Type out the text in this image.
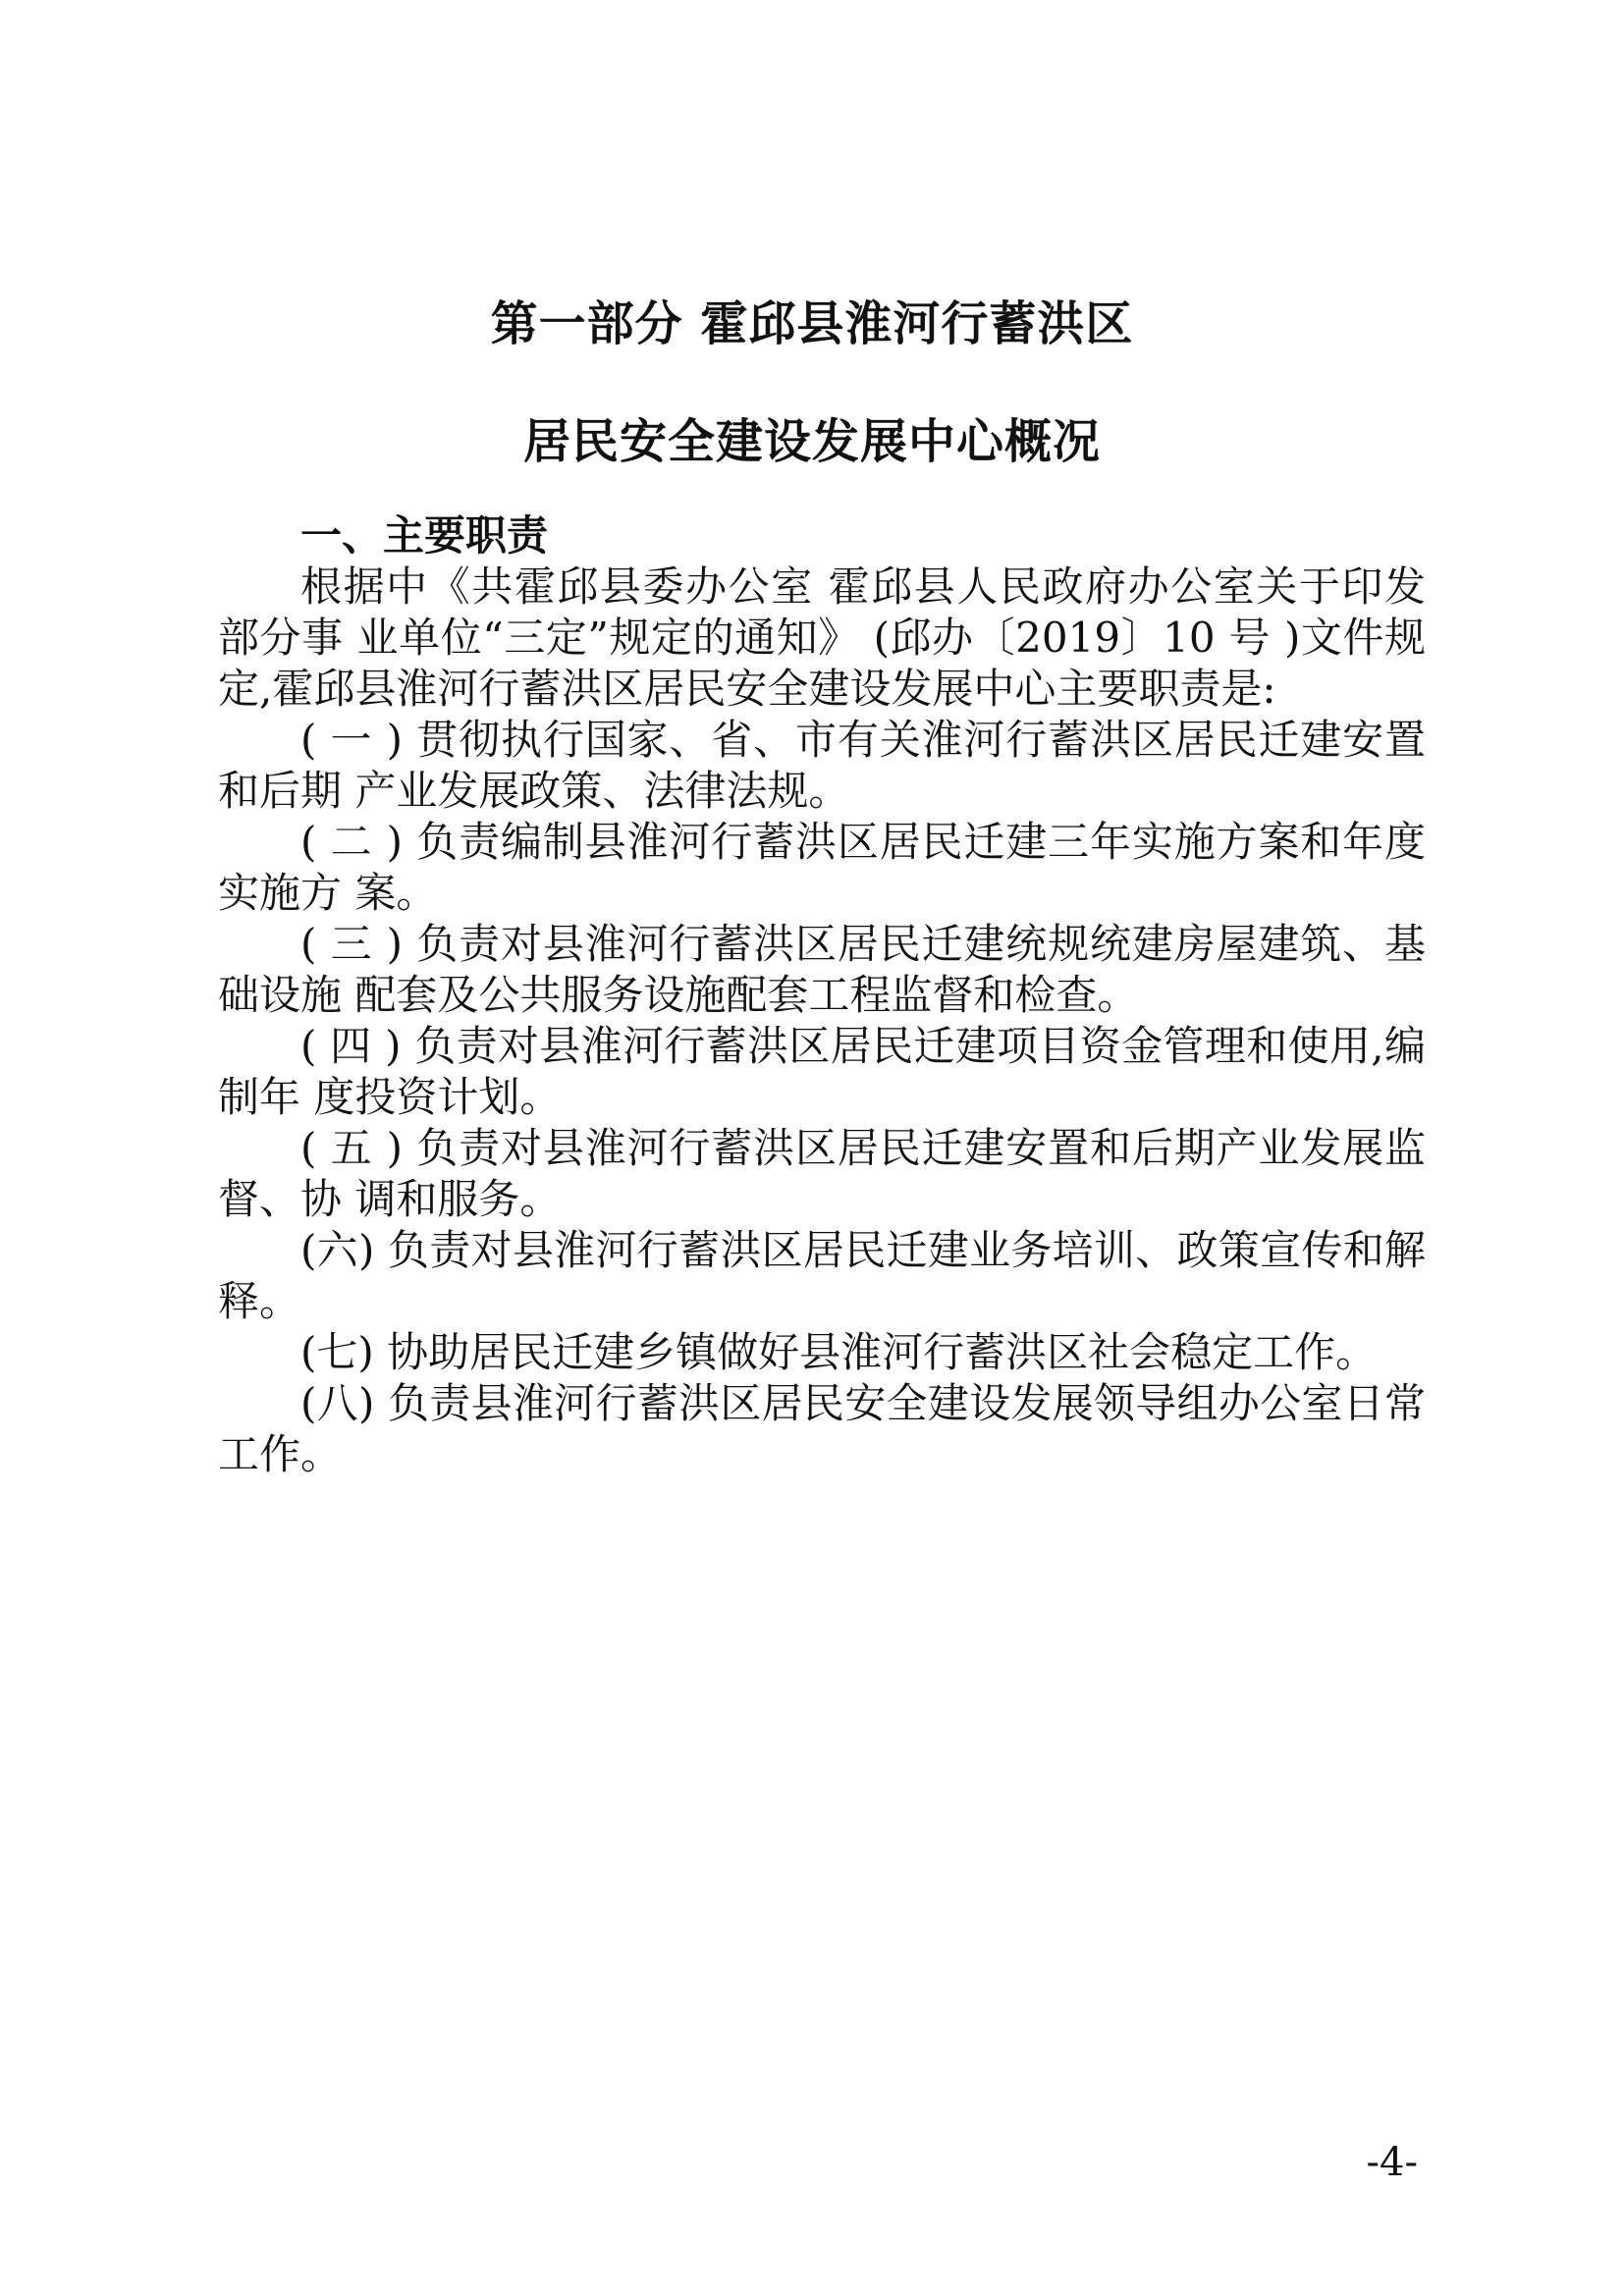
第一部分 霍邱县淮河行蓄洪区
居民安全建设发展中心概况

一、主要职责

根据中《共霍邱县委办公室 霍邱县人民政府办公室关于印发部分事 业单位“三定”规定的通知》 (邱办〔2019〕10 号 )文件规定,霍邱县淮河行蓄洪区居民安全建设发展中心主要职责是:

( 一 ) 贯彻执行国家、省、市有关淮河行蓄洪区居民迁建安置和后期 产业发展政策、法律法规。

( 二 ) 负责编制县淮河行蓄洪区居民迁建三年实施方案和年度实施方 案。

( 三 ) 负责对县淮河行蓄洪区居民迁建统规统建房屋建筑、基础设施 配套及公共服务设施配套工程监督和检查。

( 四 ) 负责对县淮河行蓄洪区居民迁建项目资金管理和使用,编制年 度投资计划。

( 五 ) 负责对县淮河行蓄洪区居民迁建安置和后期产业发展监督、协 调和服务。

(六) 负责对县淮河行蓄洪区居民迁建业务培训、政策宣传和解释。

(七) 协助居民迁建乡镇做好县淮河行蓄洪区社会稳定工作。

(八) 负责县淮河行蓄洪区居民安全建设发展领导组办公室日常工作。

-4-
